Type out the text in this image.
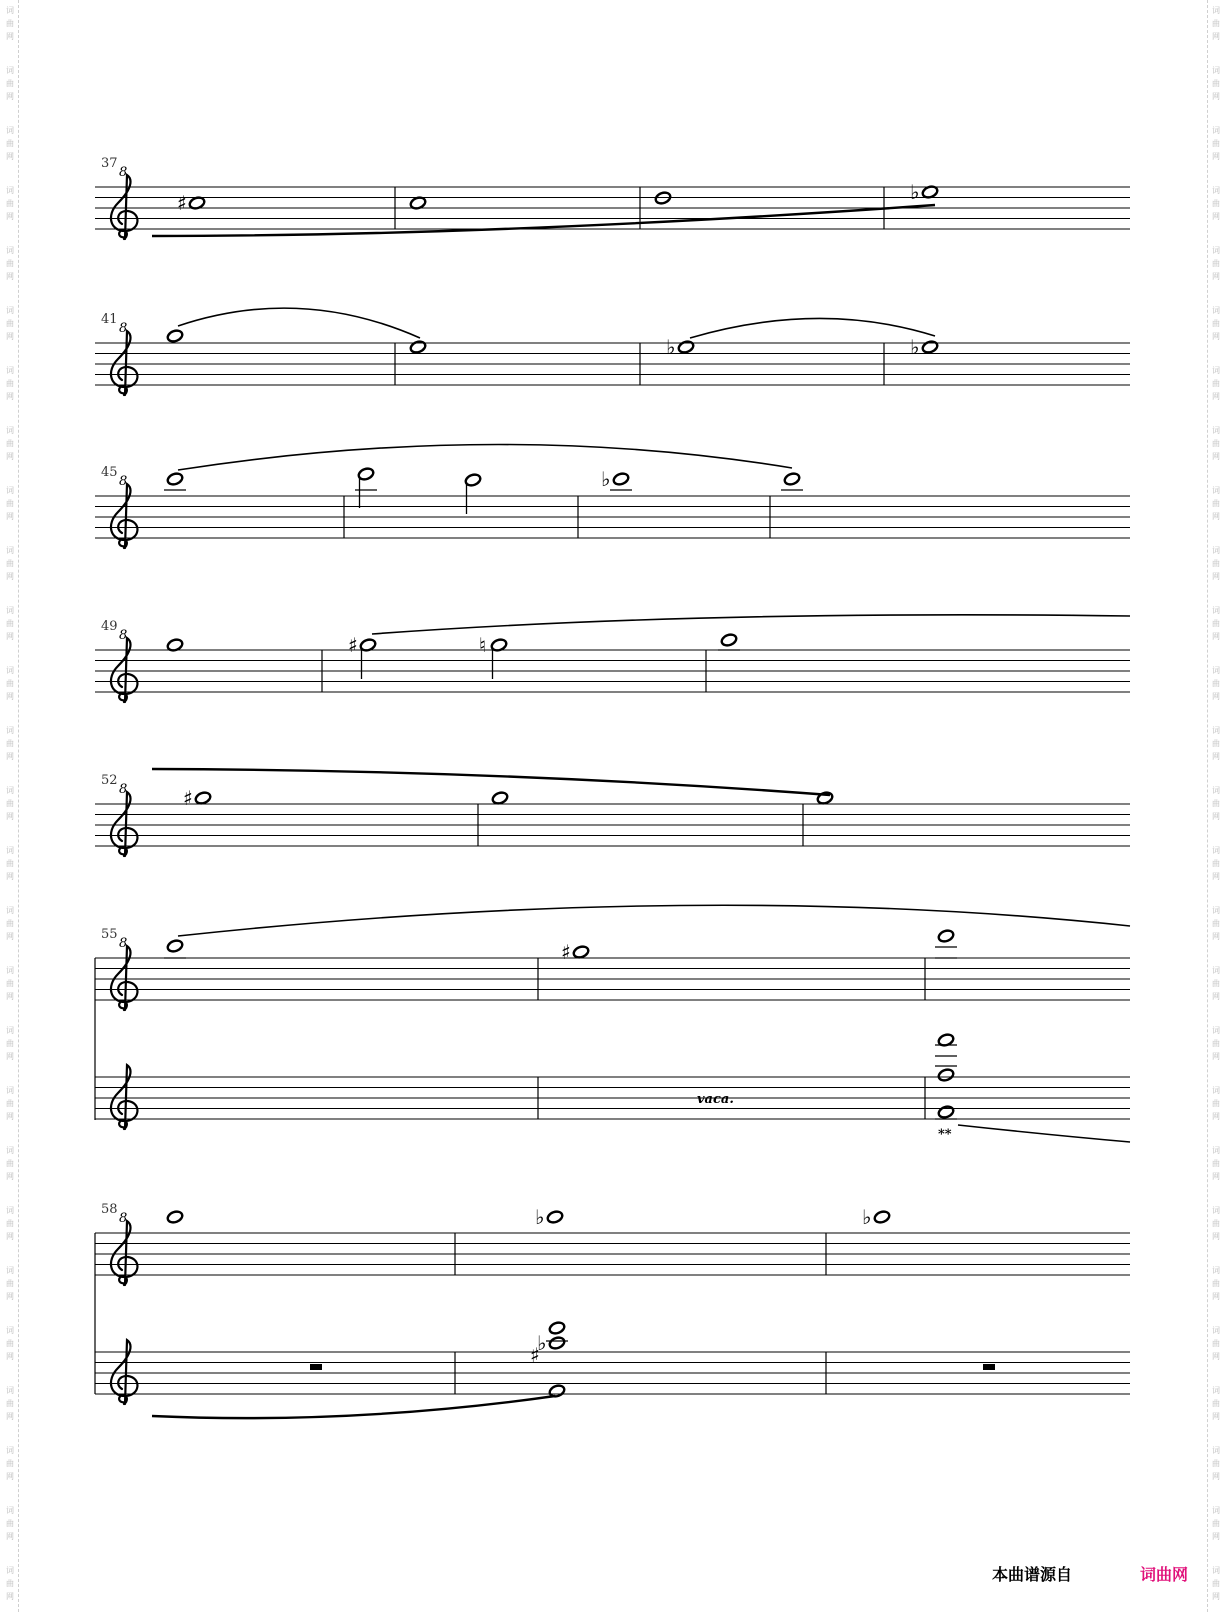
词
曲
网
词
曲
网
词
曲
网
词
曲
网
词
曲
网
词
曲
网
词
曲
网
词
曲
网
词
曲
网
词
曲
网
词
曲
网
词
曲
网
词
曲
网
词
曲
网
词
曲
网
词
曲
网
词
曲
网
词
曲
网
词
曲
网
词
曲
网
词
曲
网
词
曲
网
词
曲
网
词
曲
网
词
曲
网
词
曲
网
词
曲
网
词
曲
网
词
曲
网
词
曲
网
词
曲
网
词
曲
网
词
曲
网
词
曲
网
词
曲
网
词
曲
网
词
曲
网
词
曲
网
词
曲
网
词
曲
网
词
曲
网
词
曲
网
词
曲
网
词
曲
网
词
曲
网
词
曲
网
词
曲
网
词
曲
网
词
曲
网
词
曲
网
词
曲
网
词
曲
网
词
曲
网
词
曲
网
37
8
♯	♭
41
8
♭	♭
45
8	♭
49
8	♯	♮
52
8	♯
55
8	♯
vaca.
**
58
8	♭	♭
♭
♯
本曲谱源自	词曲网
